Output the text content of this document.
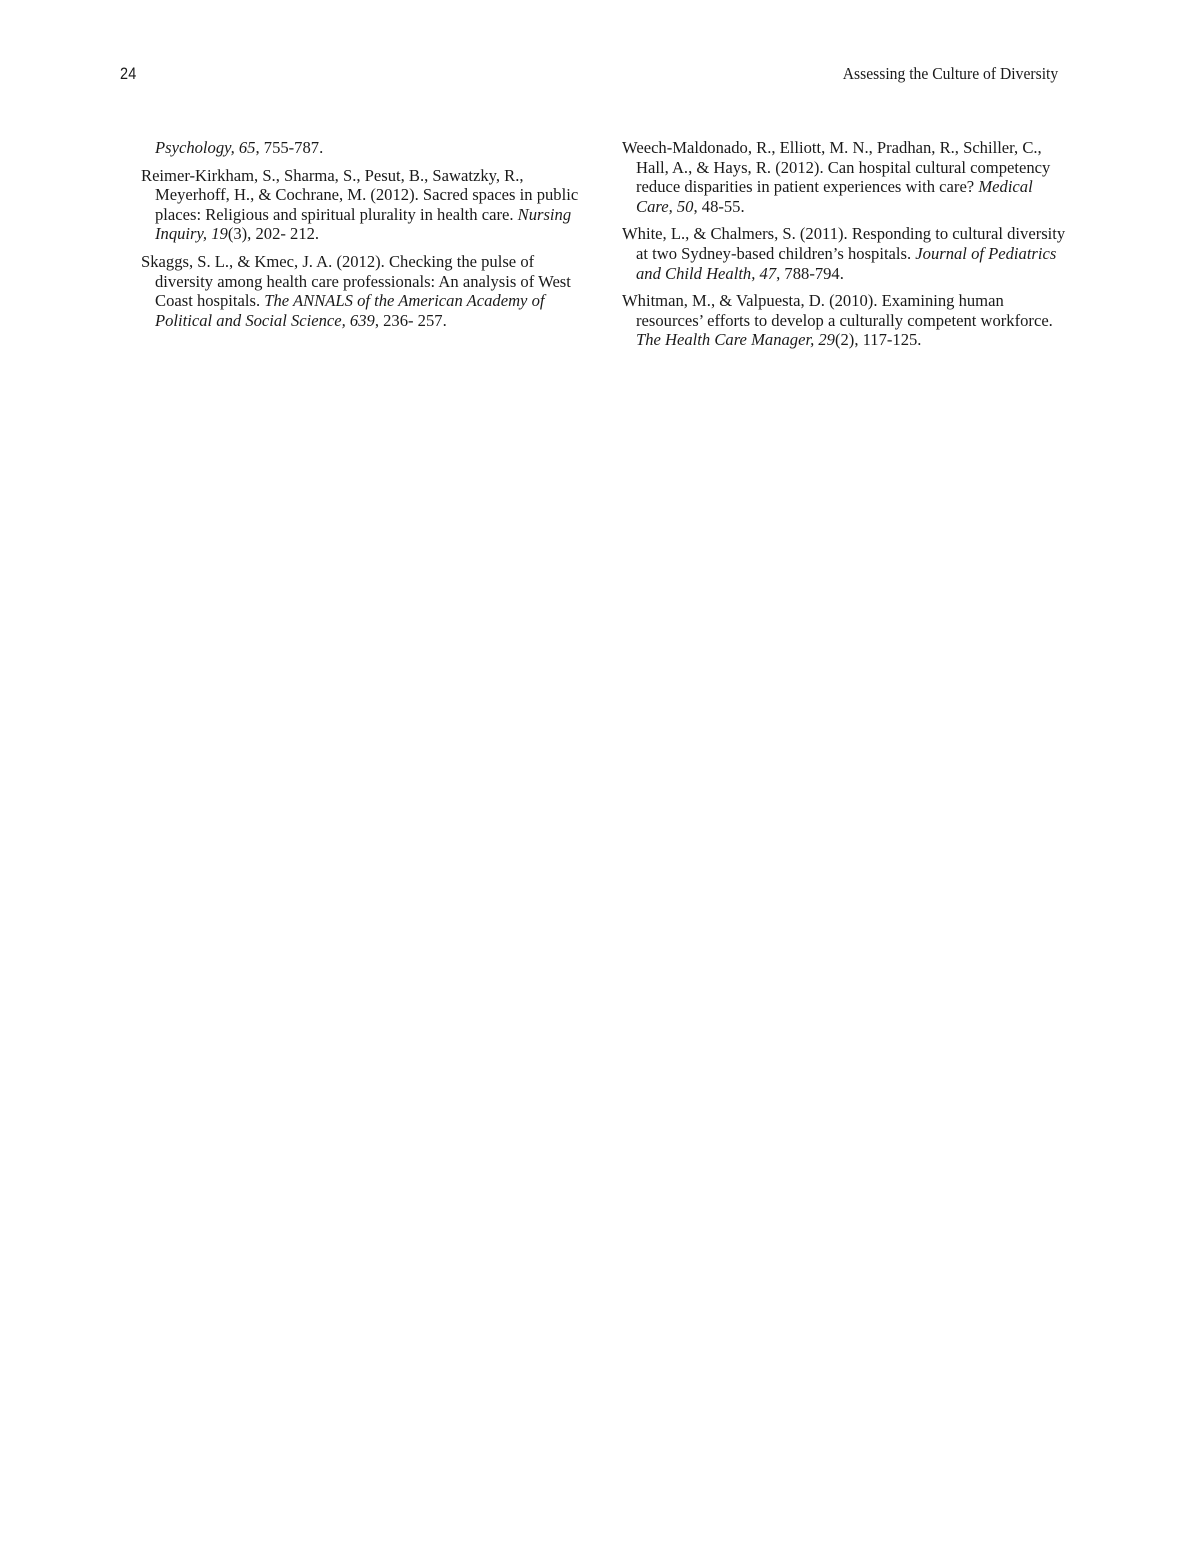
24	Assessing the Culture of Diversity

Psychology, 65, 755-787.

Reimer-Kirkham, S., Sharma, S., Pesut, B., Sawatzky, R., Meyerhoff, H., & Cochrane, M. (2012). Sacred spaces in public places: Religious and spiritual plurality in health care. Nursing Inquiry, 19(3), 202- 212.

Skaggs, S. L., & Kmec, J. A. (2012). Checking the pulse of diversity among health care professionals: An analysis of West Coast hospitals. The ANNALS of the American Academy of Political and Social Science, 639, 236- 257.

Weech-Maldonado, R., Elliott, M. N., Pradhan, R., Schiller, C., Hall, A., & Hays, R. (2012). Can hospital cultural competency reduce disparities in patient experiences with care? Medical Care, 50, 48-55.

White, L., & Chalmers, S. (2011). Responding to cultural diversity at two Sydney-based children’s hospitals. Journal of Pediatrics and Child Health, 47, 788-794.

Whitman, M., & Valpuesta, D. (2010). Examining human resources’ efforts to develop a culturally competent workforce. The Health Care Manager, 29(2), 117-125.
